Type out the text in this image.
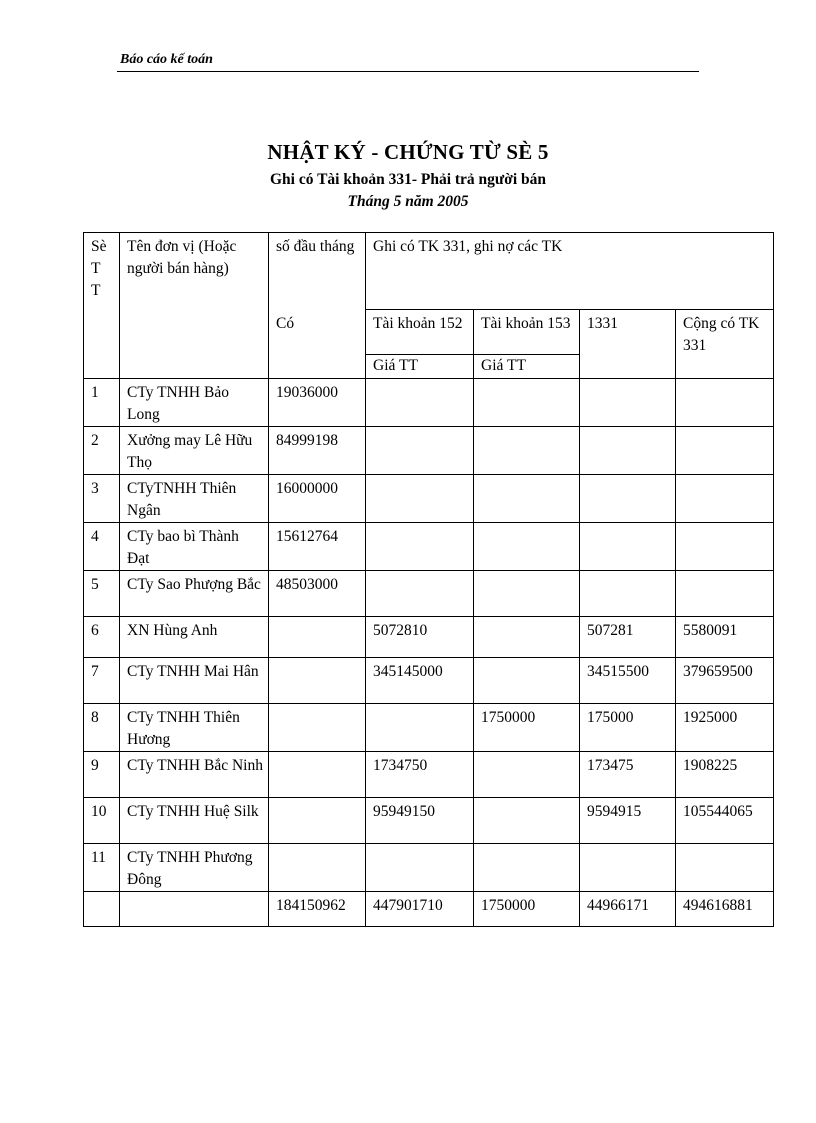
Báo cáo kế toán
NHẬT KÝ - CHỨNG TỪ SÈ 5
Ghi có Tài khoản 331- Phải trả người bán
Tháng 5 năm 2005
Sè T T	Tên đơn vị (Hoặc người bán hàng)	số đầu tháng	Ghi có TK 331, ghi nợ các TK			
		Có	Tài khoản 152	Tài khoản 153	1331	Cộng có TK 331
			Giá TT	Giá TT		
1	CTy TNHH Bảo Long	19036000				
2	Xưởng may Lê Hữu Thọ	84999198				
3	CTyTNHH Thiên Ngân	16000000				
4	CTy bao bì Thành Đạt	15612764				
5	CTy Sao Phượng Bắc	48503000				
6	XN Hùng Anh		5072810		507281	5580091
7	CTy TNHH Mai Hân		345145000		34515500	379659500
8	CTy TNHH Thiên Hương			1750000	175000	1925000
9	CTy TNHH Bắc Ninh		1734750		173475	1908225
10	CTy TNHH Huệ Silk		95949150		9594915	105544065
11	CTy TNHH Phương Đông					
		184150962	447901710	1750000	44966171	494616881
